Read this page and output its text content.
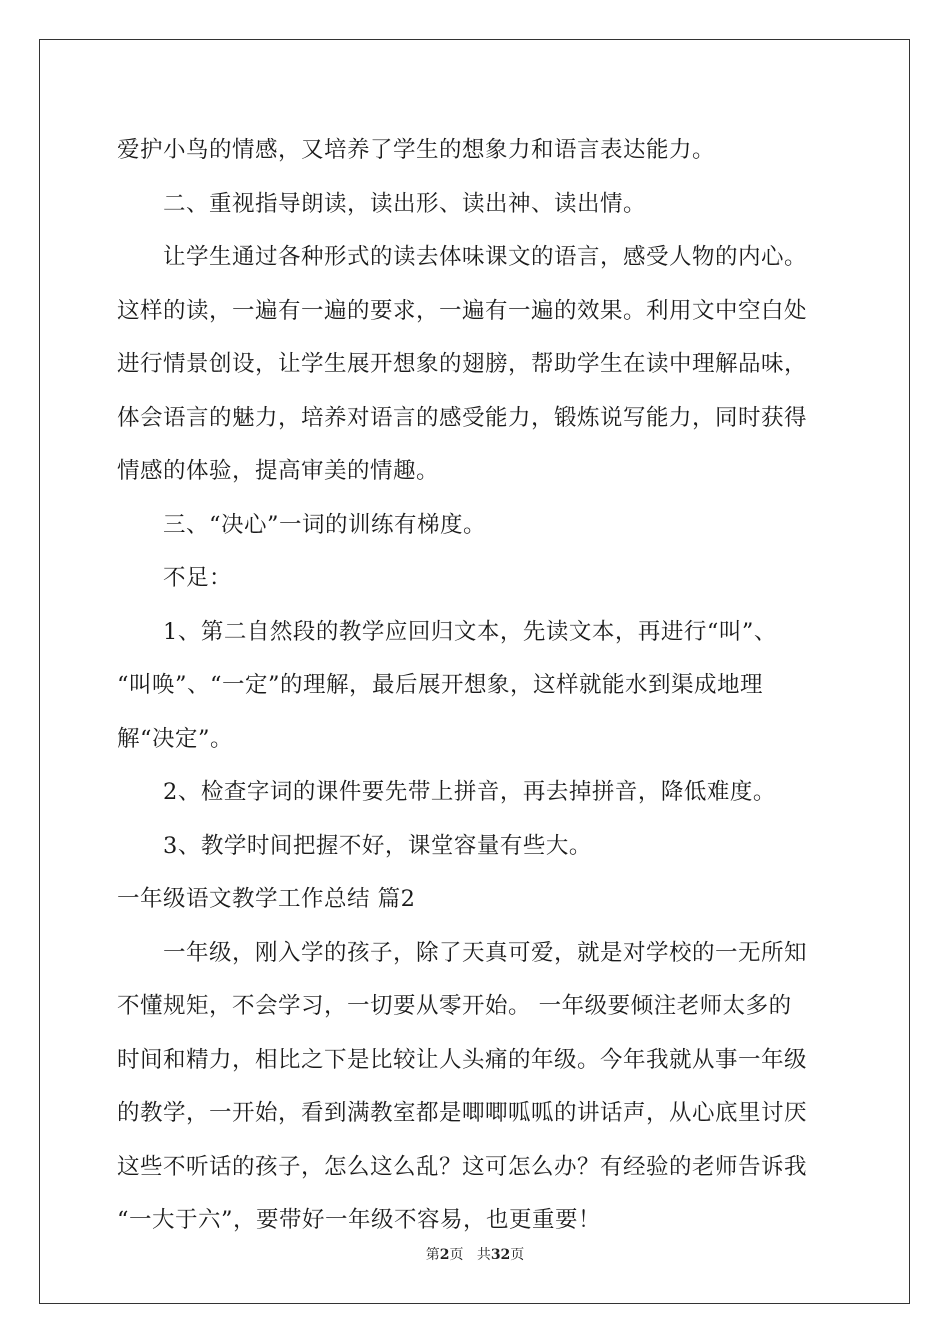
爱护小鸟的情感，又培养了学生的想象力和语言表达能力。
二、重视指导朗读，读出形、读出神、读出情。
让学生通过各种形式的读去体味课文的语言，感受人物的内心。
这样的读，一遍有一遍的要求，一遍有一遍的效果。利用文中空白处
进行情景创设，让学生展开想象的翅膀，帮助学生在读中理解品味，
体会语言的魅力，培养对语言的感受能力，锻炼说写能力，同时获得
情感的体验，提高审美的情趣。
三、“决心”一词的训练有梯度。
不足：
1、第二自然段的教学应回归文本，先读文本，再进行“叫”、
“叫唤”、“一定”的理解，最后展开想象，这样就能水到渠成地理
解“决定”。
2、检查字词的课件要先带上拼音，再去掉拼音，降低难度。
3、教学时间把握不好，课堂容量有些大。
一年级语文教学工作总结 篇2
一年级，刚入学的孩子，除了天真可爱，就是对学校的一无所知
不懂规矩，不会学习，一切要从零开始。 一年级要倾注老师太多的
时间和精力，相比之下是比较让人头痛的年级。今年我就从事一年级
的教学，一开始，看到满教室都是唧唧呱呱的讲话声，从心底里讨厌
这些不听话的孩子，怎么这么乱？这可怎么办？有经验的老师告诉我
“一大于六”，要带好一年级不容易，也更重要！
第2页 共32页
